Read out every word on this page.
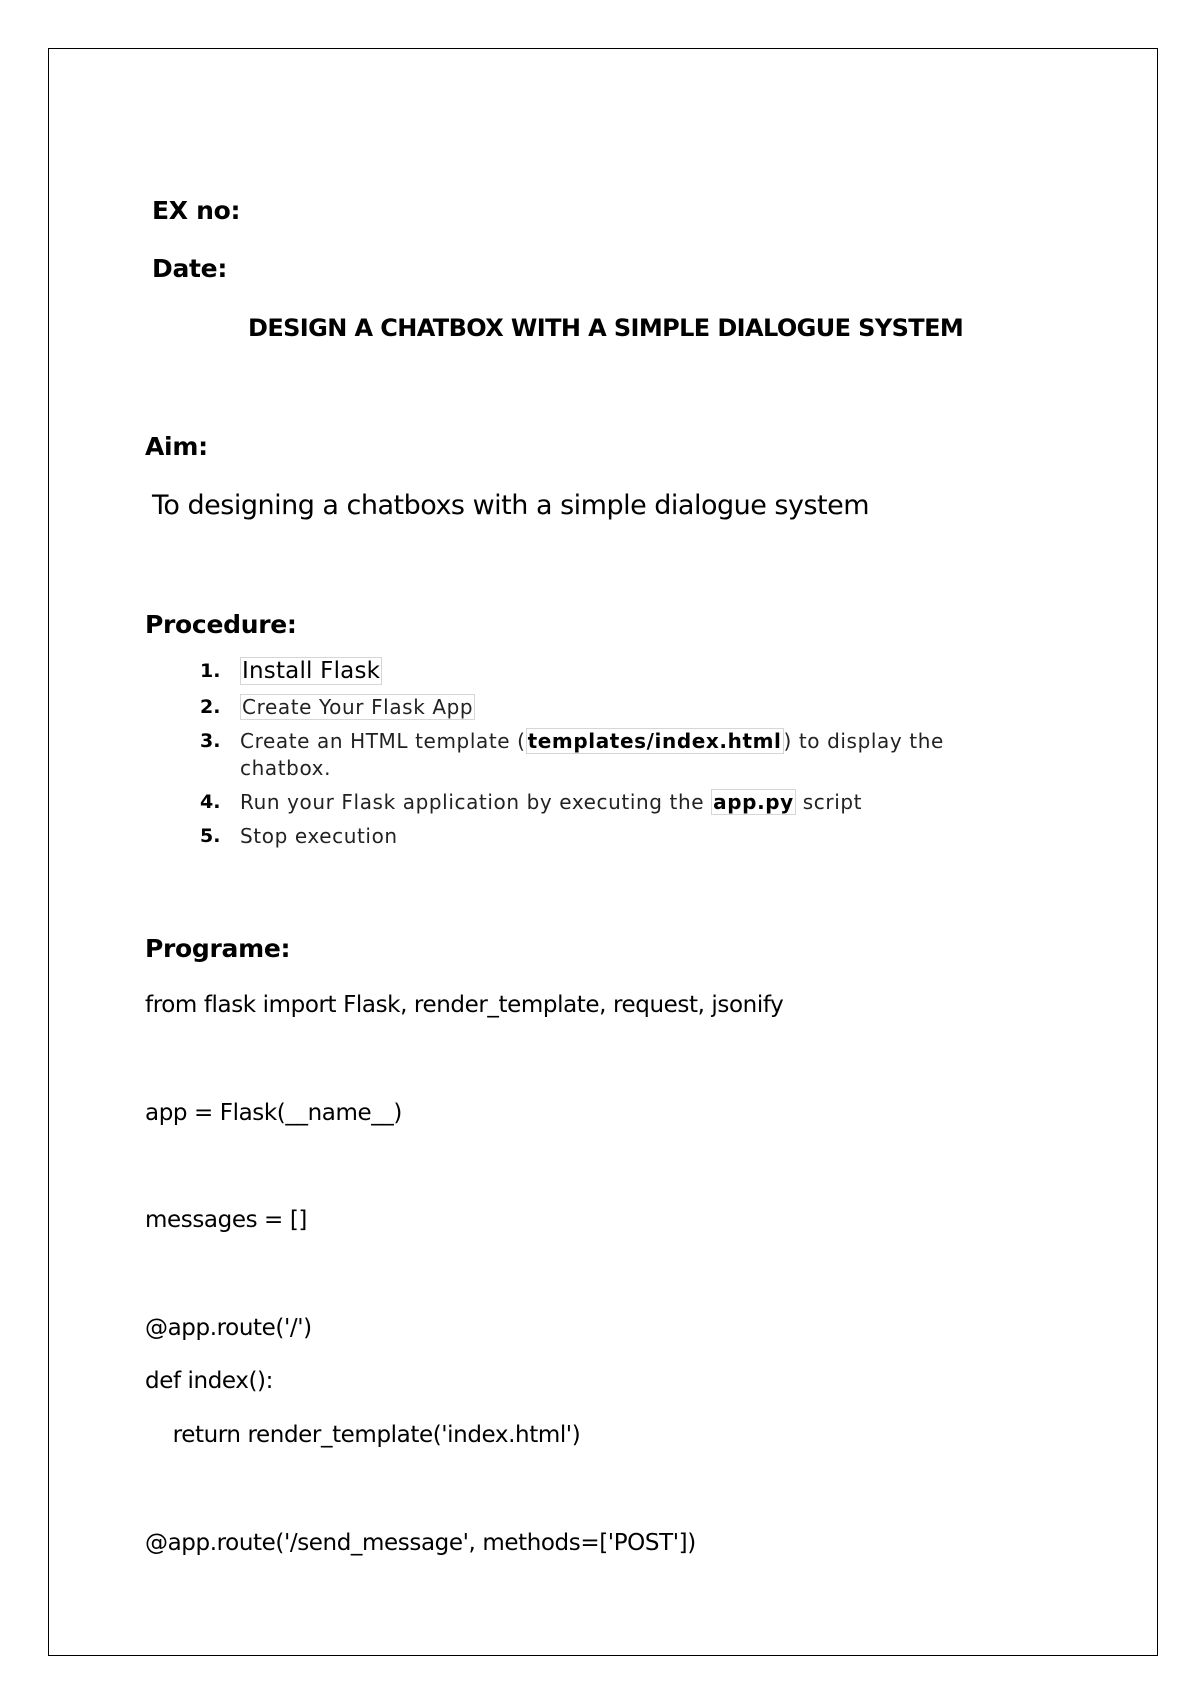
EX no:
Date:
DESIGN A CHATBOX WITH A SIMPLE DIALOGUE SYSTEM
Aim:
To designing a chatboxs with a simple dialogue system
Procedure:
1. Install Flask
2.	Create Your Flask App
3. Create an HTML template ( templates/index.html ) to display the chatbox.
4. Run your Flask application by executing the app.py script
5. Stop execution
Programe:
from flask import Flask, render_template, request, jsonify
app = Flask(__name__)
messages = []
@app.route('/')
def index():
return render_template('index.html')
@app.route('/send_message', methods=['POST'])
